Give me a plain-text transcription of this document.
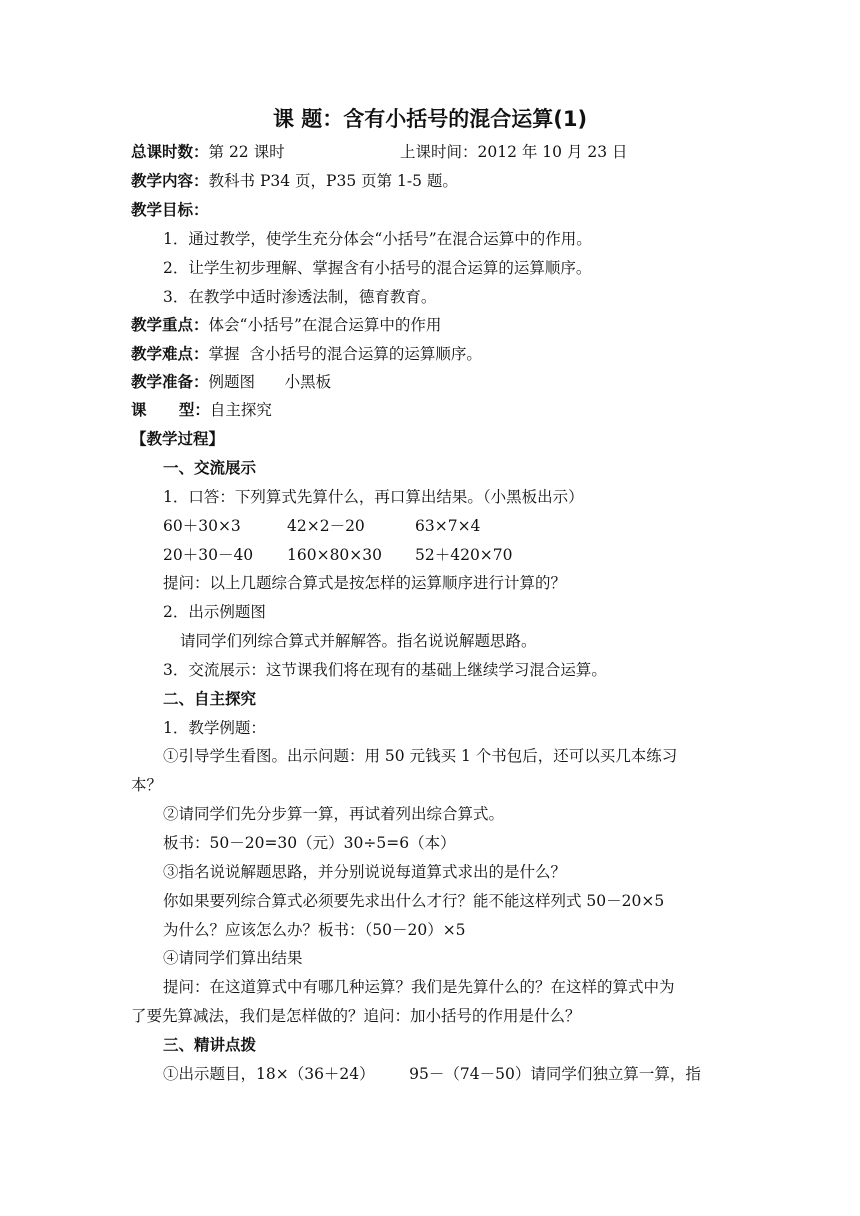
课 题：含有小括号的混合运算(1)
总课时数：第 22 课时	上课时间：2012 年 10 月 23 日
教学内容：教科书 P34 页，P35 页第 1-5 题。
教学目标：
1．通过教学，使学生充分体会“小括号”在混合运算中的作用。
2．让学生初步理解、掌握含有小括号的混合运算的运算顺序。
3．在教学中适时渗透法制，德育教育。
教学重点：体会“小括号”在混合运算中的作用
教学难点：掌握  含小括号的混合运算的运算顺序。
教学准备：例题图      小黑板
课      型：自主探究
【教学过程】
一、交流展示
1．口答：下列算式先算什么，再口算出结果。（小黑板出示）
60＋30×3	42×2－20	63×7×4
20＋30－40 160×80×30 52＋420×70
提问：以上几题综合算式是按怎样的运算顺序进行计算的？
2．出示例题图
请同学们列综合算式并解解答。指名说说解题思路。
3．交流展示：这节课我们将在现有的基础上继续学习混合运算。
二、自主探究
1．教学例题：
①引导学生看图。出示问题：用 50 元钱买 1 个书包后，还可以买几本练习
本？
②请同学们先分步算一算，再试着列出综合算式。
板书：50－20=30（元）30÷5=6（本）
③指名说说解题思路，并分别说说每道算式求出的是什么？
你如果要列综合算式必须要先求出什么才行？能不能这样列式 50－20×5
为什么？应该怎么办？板书：（50－20）×5
④请同学们算出结果
提问：在这道算式中有哪几种运算？我们是先算什么的？在这样的算式中为
了要先算减法，我们是怎样做的？追问：加小括号的作用是什么？
三、精讲点拨
①出示题目，18×（36＋24）       95－（74－50）请同学们独立算一算，指
